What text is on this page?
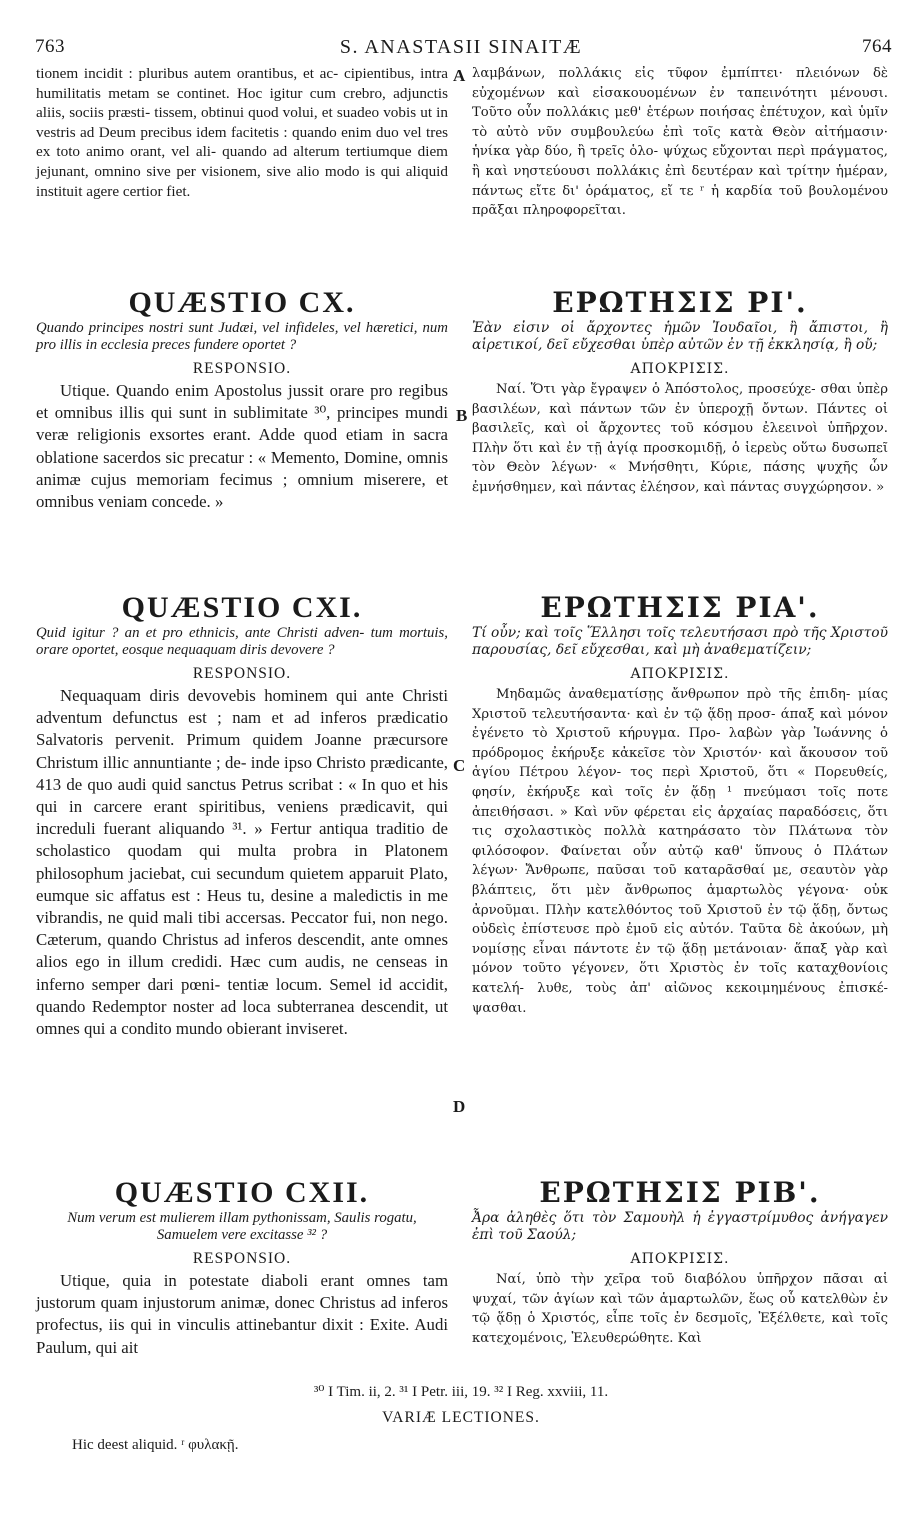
763	S. ANASTASII SINAITÆ	764
A
B
C
D

tionem incidit : pluribus autem orantibus, et ac- cipientibus, intra humilitatis metam se continet. Hoc igitur cum crebro, adjunctis aliis, sociis præsti- tissem, obtinui quod volui, et suadeo vobis ut in vestris ad Deum precibus idem facitetis : quando enim duo vel tres ex toto animo orant, vel ali- quando ad alterum tertiumque diem jejunant, omnino sive per visionem, sive alio modo is qui aliquid instituit agere certior fiet.

QUÆSTIO CX.

Quando principes nostri sunt Judæi, vel infideles, vel hæretici, num pro illis in ecclesia preces fundere oportet ?

RESPONSIO.

Utique. Quando enim Apostolus jussit orare pro regibus et omnibus illis qui sunt in sublimitate ³⁰, principes mundi veræ religionis exsortes erant. Adde quod etiam in sacra oblatione sacerdos sic precatur : « Memento, Domine, omnis animæ cujus memoriam fecimus ; omnium miserere, et omnibus veniam concede. »

QUÆSTIO CXI.

Quid igitur ? an et pro ethnicis, ante Christi adven- tum mortuis, orare oportet, eosque nequaquam diris devovere ?

RESPONSIO.

Nequaquam diris devovebis hominem qui ante Christi adventum defunctus est ; nam et ad inferos prædicatio Salvatoris pervenit. Primum quidem Joanne præcursore Christum illic annuntiante ; de- inde ipso Christo prædicante, 413 de quo audi quid sanctus Petrus scribat : « In quo et his qui in carcere erant spiritibus, veniens prædicavit, qui increduli fuerant aliquando ³¹. » Fertur antiqua traditio de scholastico quodam qui multa probra in Platonem philosophum jaciebat, cui secundum quietem apparuit Plato, eumque sic affatus est : Heus tu, desine a maledictis in me vibrandis, ne quid mali tibi accersas. Peccator fui, non nego. Cæterum, quando Christus ad inferos descendit, ante omnes alios ego in illum credidi. Hæc cum audis, ne censeas in inferno semper dari pœni- tentiæ locum. Semel id accidit, quando Redemptor noster ad loca subterranea descendit, ut omnes qui a condito mundo obierant inviseret.

QUÆSTIO CXII.

Num verum est mulierem illam pythonissam, Saulis rogatu, Samuelem vere excitasse ³² ?

RESPONSIO.

Utique, quia in potestate diaboli erant omnes tam justorum quam injustorum animæ, donec Christus ad inferos profectus, iis qui in vinculis attinebantur dixit : Exite. Audi Paulum, qui ait

λαμβάνων, πολλάκις εἰς τῦφον ἐμπίπτει· πλειόνων δὲ εὐχομένων καὶ εἰσακουομένων ἐν ταπεινότητι μένουσι. Τοῦτο οὖν πολλάκις μεθ' ἑτέρων ποιήσας ἐπέτυχον, καὶ ὑμῖν τὸ αὐτὸ νῦν συμβουλεύω ἐπὶ τοῖς κατὰ Θεὸν αἰτήμασιν· ἡνίκα γὰρ δύο, ἢ τρεῖς ὁλο- ψύχως εὔχονται περὶ πράγματος, ἢ καὶ νηστεύουσι πολλάκις ἐπὶ δευτέραν καὶ τρίτην ἡμέραν, πάντως εἴτε δι' ὁράματος, εἴ τε ʳ ἡ καρδία τοῦ βουλομένου πρᾶξαι πληροφορεῖται.

ΕΡΩΤΗΣΙΣ ΡΙ'.

Ἐὰν εἰσιν οἱ ἄρχοντες ἡμῶν Ἰουδαῖοι, ἢ ἄπιστοι, ἢ αἱρετικοί, δεῖ εὔχεσθαι ὑπὲρ αὐτῶν ἐν τῇ ἐκκλησίᾳ, ἢ οὔ;

ΑΠΟΚΡΙΣΙΣ.

Ναί. Ὅτι γὰρ ἔγραψεν ὁ Ἀπόστολος, προσεύχε- σθαι ὑπὲρ βασιλέων, καὶ πάντων τῶν ἐν ὑπεροχῇ ὄντων. Πάντες οἱ βασιλεῖς, καὶ οἱ ἄρχοντες τοῦ κόσμου ἐλεεινοὶ ὑπῆρχον. Πλὴν ὅτι καὶ ἐν τῇ ἁγίᾳ προσκομιδῇ, ὁ ἱερεὺς οὕτω δυσωπεῖ τὸν Θεὸν λέγων· « Μνήσθητι, Κύριε, πάσης ψυχῆς ὧν ἐμνήσθημεν, καὶ πάντας ἐλέησον, καὶ πάντας συγχώρησον. »

ΕΡΩΤΗΣΙΣ ΡΙΑ'.

Τί οὖν; καὶ τοῖς Ἕλλησι τοῖς τελευτήσασι πρὸ τῆς Χριστοῦ παρουσίας, δεῖ εὔχεσθαι, καὶ μὴ ἀναθεματίζειν;

ΑΠΟΚΡΙΣΙΣ.

Μηδαμῶς ἀναθεματίσῃς ἄνθρωπον πρὸ τῆς ἐπιδη- μίας Χριστοῦ τελευτήσαντα· καὶ ἐν τῷ ᾅδῃ προσ- άπαξ καὶ μόνον ἐγένετο τὸ Χριστοῦ κήρυγμα. Προ- λαβὼν γὰρ Ἰωάννης ὁ πρόδρομος ἐκήρυξε κἀκεῖσε τὸν Χριστόν· καὶ ἄκουσον τοῦ ἁγίου Πέτρου λέγον- τος περὶ Χριστοῦ, ὅτι « Πορευθείς, φησίν, ἐκήρυξε καὶ τοῖς ἐν ᾅδῃ ¹ πνεύμασι τοῖς ποτε ἀπειθήσασι. » Καὶ νῦν φέρεται εἰς ἀρχαίας παραδόσεις, ὅτι τις σχολαστικὸς πολλὰ κατηράσατο τὸν Πλάτωνα τὸν φιλόσοφον. Φαίνεται οὖν αὐτῷ καθ' ὕπνους ὁ Πλάτων λέγων· Ἄνθρωπε, παῦσαι τοῦ καταρᾶσθαί με, σεαυτὸν γὰρ βλάπτεις, ὅτι μὲν ἄνθρωπος ἁμαρτωλὸς γέγονα· οὐκ ἀρνοῦμαι. Πλὴν κατελθόντος τοῦ Χριστοῦ ἐν τῷ ᾅδῃ, ὄντως οὐδεὶς ἐπίστευσε πρὸ ἐμοῦ εἰς αὐτόν. Ταῦτα δὲ ἀκούων, μὴ νομίσῃς εἶναι πάντοτε ἐν τῷ ᾅδῃ μετάνοιαν· ἅπαξ γὰρ καὶ μόνον τοῦτο γέγονεν, ὅτι Χριστὸς ἐν τοῖς καταχθονίοις κατελή- λυθε, τοὺς ἀπ' αἰῶνος κεκοιμημένους ἐπισκέ- ψασθαι.

ΕΡΩΤΗΣΙΣ ΡΙΒ'.

Ἆρα ἀληθὲς ὅτι τὸν Σαμουὴλ ἡ ἐγγαστρίμυθος ἀνήγαγεν ἐπὶ τοῦ Σαούλ;

ΑΠΟΚΡΙΣΙΣ.

Ναί, ὑπὸ τὴν χεῖρα τοῦ διαβόλου ὑπῆρχον πᾶσαι αἱ ψυχαί, τῶν ἁγίων καὶ τῶν ἁμαρτωλῶν, ἕως οὗ κατελθὼν ἐν τῷ ᾅδῃ ὁ Χριστός, εἶπε τοῖς ἐν δεσμοῖς, Ἐξέλθετε, καὶ τοῖς κατεχομένοις, Ἐλευθερώθητε. Καὶ

³⁰ I Tim. ii, 2. ³¹ I Petr. iii, 19. ³² I Reg. xxviii, 11.
VARIÆ LECTIONES.
Hic deest aliquid. ʳ φυλακῇ.
